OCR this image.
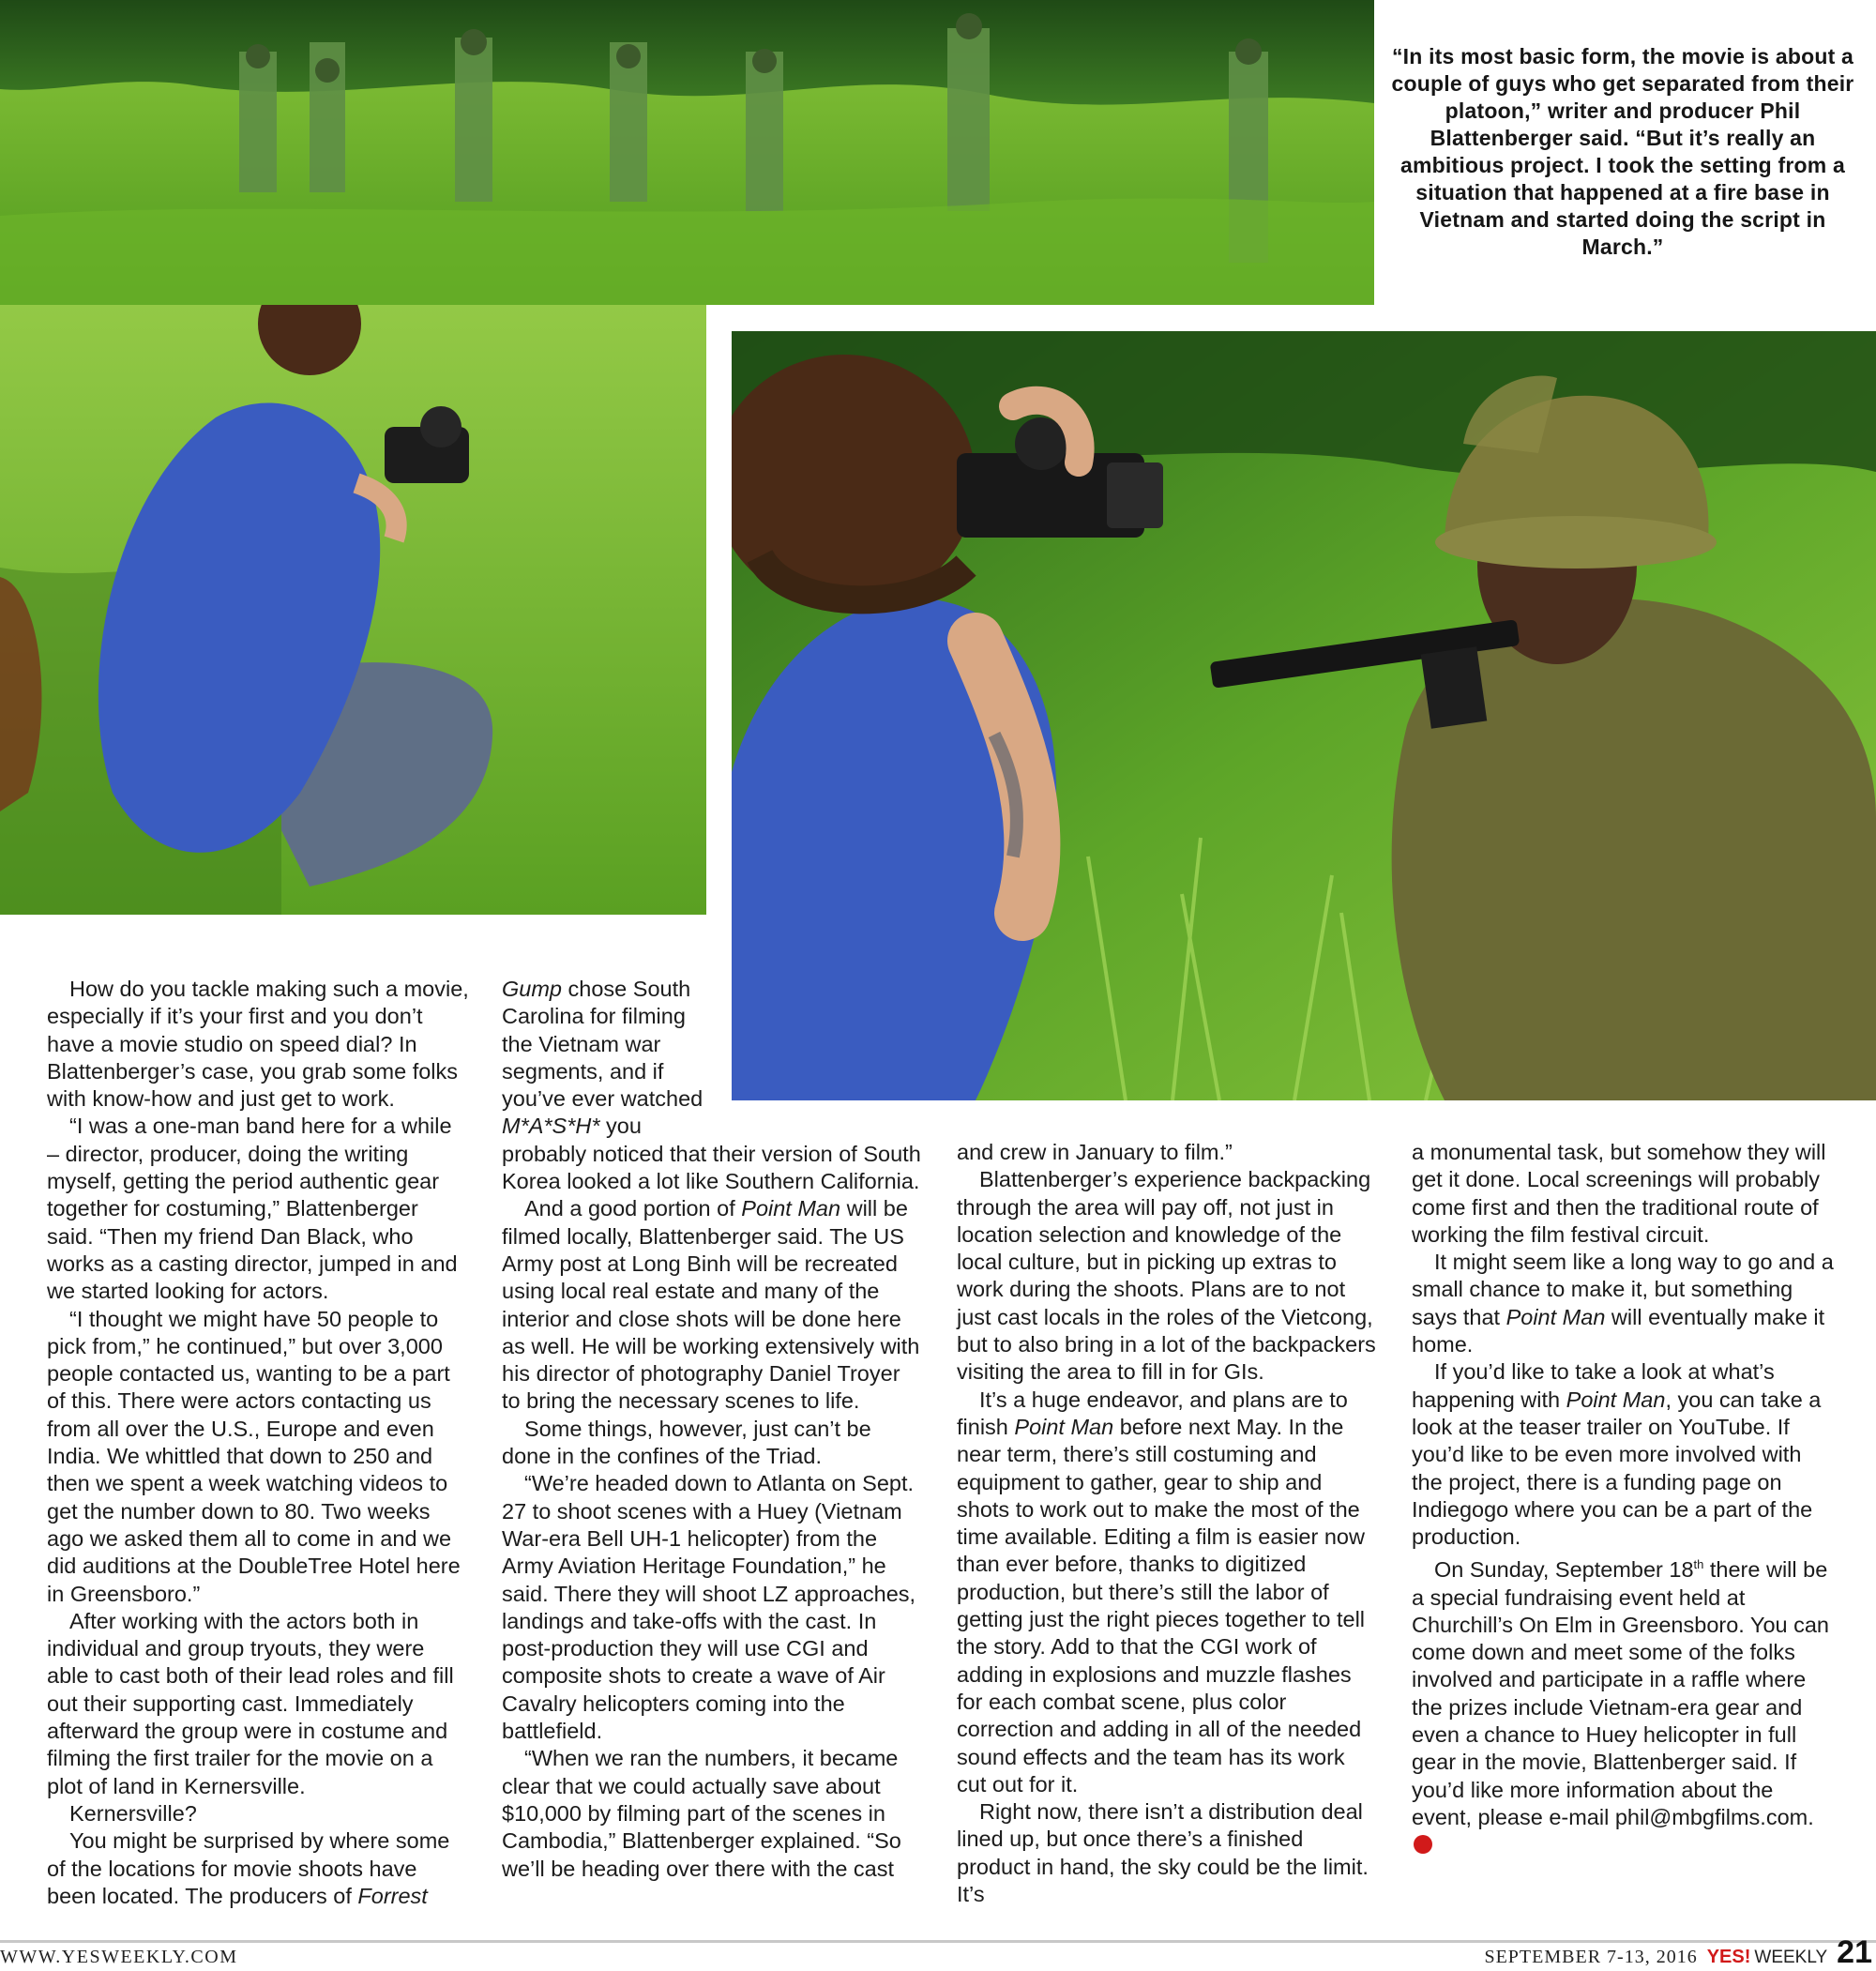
“In its most basic form, the movie is about a couple of guys who get separated from their platoon,” writer and producer Phil Blattenberger said. “But it’s really an ambitious project. I took the setting from a situation that happened at a fire base in Vietnam and started doing the script in March.”

How do you tackle making such a movie, especially if it’s your first and you don’t have a movie studio on speed dial? In Blattenberger’s case, you grab some folks with know-how and just get to work.

“I was a one-man band here for a while – director, producer, doing the writing myself, getting the period authentic gear together for costuming,” Blattenberger said. “Then my friend Dan Black, who works as a casting director, jumped in and we started looking for actors.

“I thought we might have 50 people to pick from,” he continued,” but over 3,000 people contacted us, wanting to be a part of this. There were actors contacting us from all over the U.S., Europe and even India. We whittled that down to 250 and then we spent a week watching videos to get the number down to 80. Two weeks ago we asked them all to come in and we did auditions at the DoubleTree Hotel here in Greensboro.”

After working with the actors both in individual and group tryouts, they were able to cast both of their lead roles and fill out their supporting cast. Immediately afterward the group were in costume and filming the first trailer for the movie on a plot of land in Kernersville.

Kernersville?

You might be surprised by where some of the locations for movie shoots have been located. The producers of Forrest

Gump chose South Carolina for filming the Vietnam war segments, and if you’ve ever watched M*A*S*H* you

probably noticed that their version of South Korea looked a lot like Southern California.

And a good portion of Point Man will be filmed locally, Blattenberger said. The US Army post at Long Binh will be recreated using local real estate and many of the interior and close shots will be done here as well. He will be working extensively with his director of photography Daniel Troyer to bring the necessary scenes to life.

Some things, however, just can’t be done in the confines of the Triad.

“We’re headed down to Atlanta on Sept. 27 to shoot scenes with a Huey (Vietnam War-era Bell UH-1 helicopter) from the Army Aviation Heritage Foundation,” he said. There they will shoot LZ approaches, landings and take-offs with the cast. In post-production they will use CGI and composite shots to create a wave of Air Cavalry helicopters coming into the battlefield.

“When we ran the numbers, it became clear that we could actually save about $10,000 by filming part of the scenes in Cambodia,” Blattenberger explained. “So we’ll be heading over there with the cast

and crew in January to film.”

Blattenberger’s experience backpacking through the area will pay off, not just in location selection and knowledge of the local culture, but in picking up extras to work during the shoots. Plans are to not just cast locals in the roles of the Vietcong, but to also bring in a lot of the backpackers visiting the area to fill in for GIs.

It’s a huge endeavor, and plans are to finish Point Man before next May. In the near term, there’s still costuming and equipment to gather, gear to ship and shots to work out to make the most of the time available. Editing a film is easier now than ever before, thanks to digitized production, but there’s still the labor of getting just the right pieces together to tell the story. Add to that the CGI work of adding in explosions and muzzle flashes for each combat scene, plus color correction and adding in all of the needed sound effects and the team has its work cut out for it.

Right now, there isn’t a distribution deal lined up, but once there’s a finished product in hand, the sky could be the limit. It’s

a monumental task, but somehow they will get it done. Local screenings will probably come first and then the traditional route of working the film festival circuit.

It might seem like a long way to go and a small chance to make it, but something says that Point Man will eventually make it home.

If you’d like to take a look at what’s happening with Point Man, you can take a look at the teaser trailer on YouTube. If you’d like to be even more involved with the project, there is a funding page on Indiegogo where you can be a part of the production.

On Sunday, September 18th there will be a special fundraising event held at Churchill’s On Elm in Greensboro. You can come down and meet some of the folks involved and participate in a raffle where the prizes include Vietnam-era gear and even a chance to Huey helicopter in full gear in the movie, Blattenberger said. If you’d like more information about the event, please e-mail phil@mbgfilms.com.

WWW.YESWEEKLY.COM	SEPTEMBER 7-13, 2016 YES! WEEKLY 21
